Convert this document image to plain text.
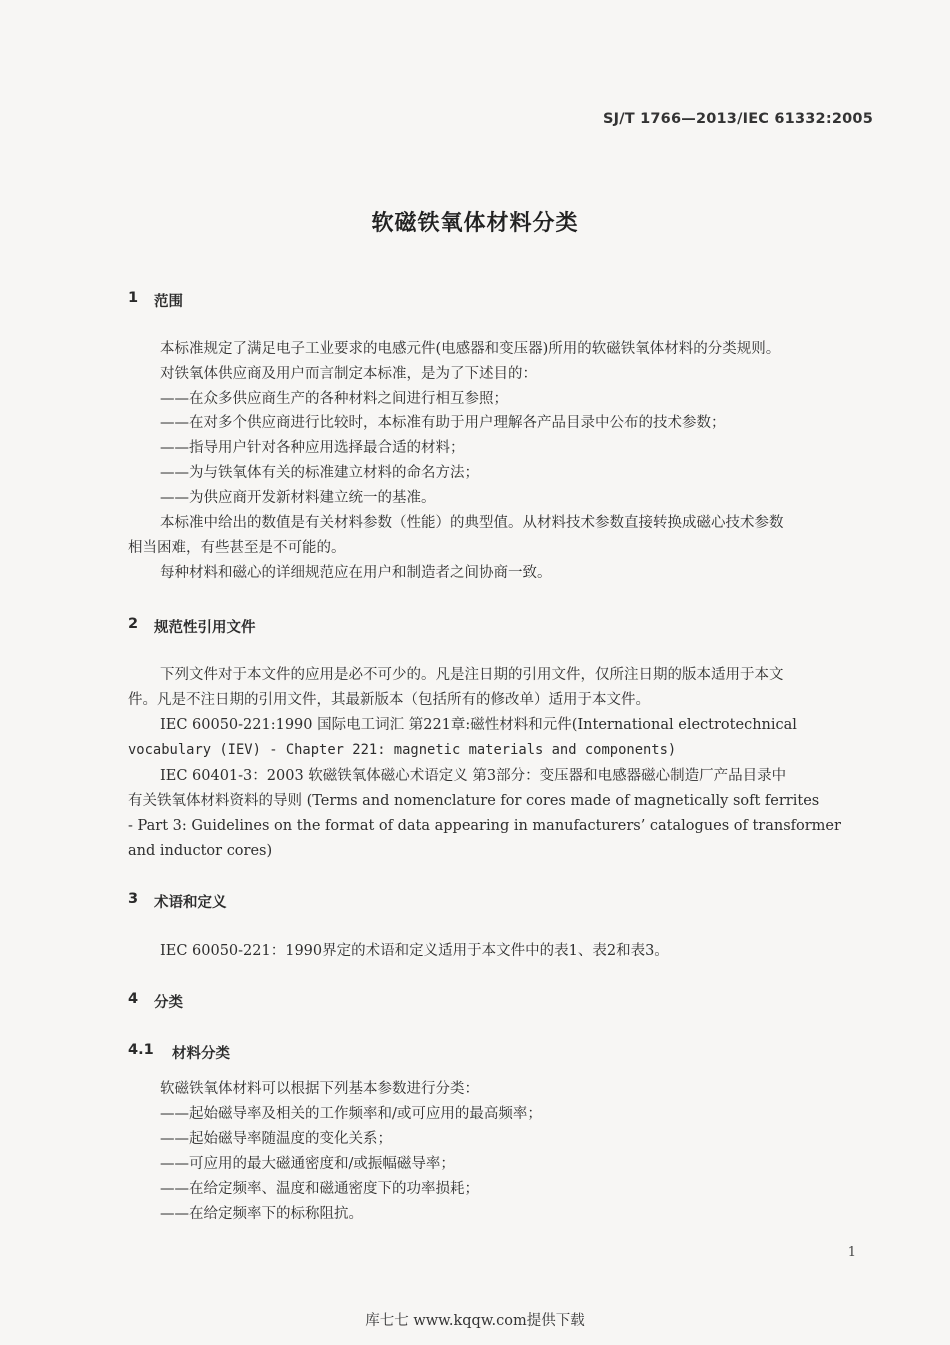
SJ/T 1766—2013/IEC 61332:2005
软磁铁氧体材料分类
1 范围
本标准规定了满足电子工业要求的电感元件(电感器和变压器)所用的软磁铁氧体材料的分类规则。
对铁氧体供应商及用户而言制定本标准，是为了下述目的：
——在众多供应商生产的各种材料之间进行相互参照；
——在对多个供应商进行比较时，本标准有助于用户理解各产品目录中公布的技术参数；
——指导用户针对各种应用选择最合适的材料；
——为与铁氧体有关的标准建立材料的命名方法；
——为供应商开发新材料建立统一的基准。
本标准中给出的数值是有关材料参数（性能）的典型值。从材料技术参数直接转换成磁心技术参数
相当困难，有些甚至是不可能的。
每种材料和磁心的详细规范应在用户和制造者之间协商一致。
2 规范性引用文件
下列文件对于本文件的应用是必不可少的。凡是注日期的引用文件，仅所注日期的版本适用于本文
件。凡是不注日期的引用文件，其最新版本（包括所有的修改单）适用于本文件。
IEC 60050-221:1990 国际电工词汇 第221章:磁性材料和元件(International electrotechnical
vocabulary (IEV) - Chapter 221: magnetic materials and components)
IEC 60401-3：2003 软磁铁氧体磁心术语定义 第3部分：变压器和电感器磁心制造厂产品目录中
有关铁氧体材料资料的导则 (Terms and nomenclature for cores made of magnetically soft ferrites
- Part 3: Guidelines on the format of data appearing in manufacturers’ catalogues of transformer
and inductor cores)
3 术语和定义
IEC 60050-221：1990界定的术语和定义适用于本文件中的表1、表2和表3。
4 分类
4.1 材料分类
软磁铁氧体材料可以根据下列基本参数进行分类：
——起始磁导率及相关的工作频率和/或可应用的最高频率；
——起始磁导率随温度的变化关系；
——可应用的最大磁通密度和/或振幅磁导率；
——在给定频率、温度和磁通密度下的功率损耗；
——在给定频率下的标称阻抗。
1
库七七 www.kqqw.com提供下载
